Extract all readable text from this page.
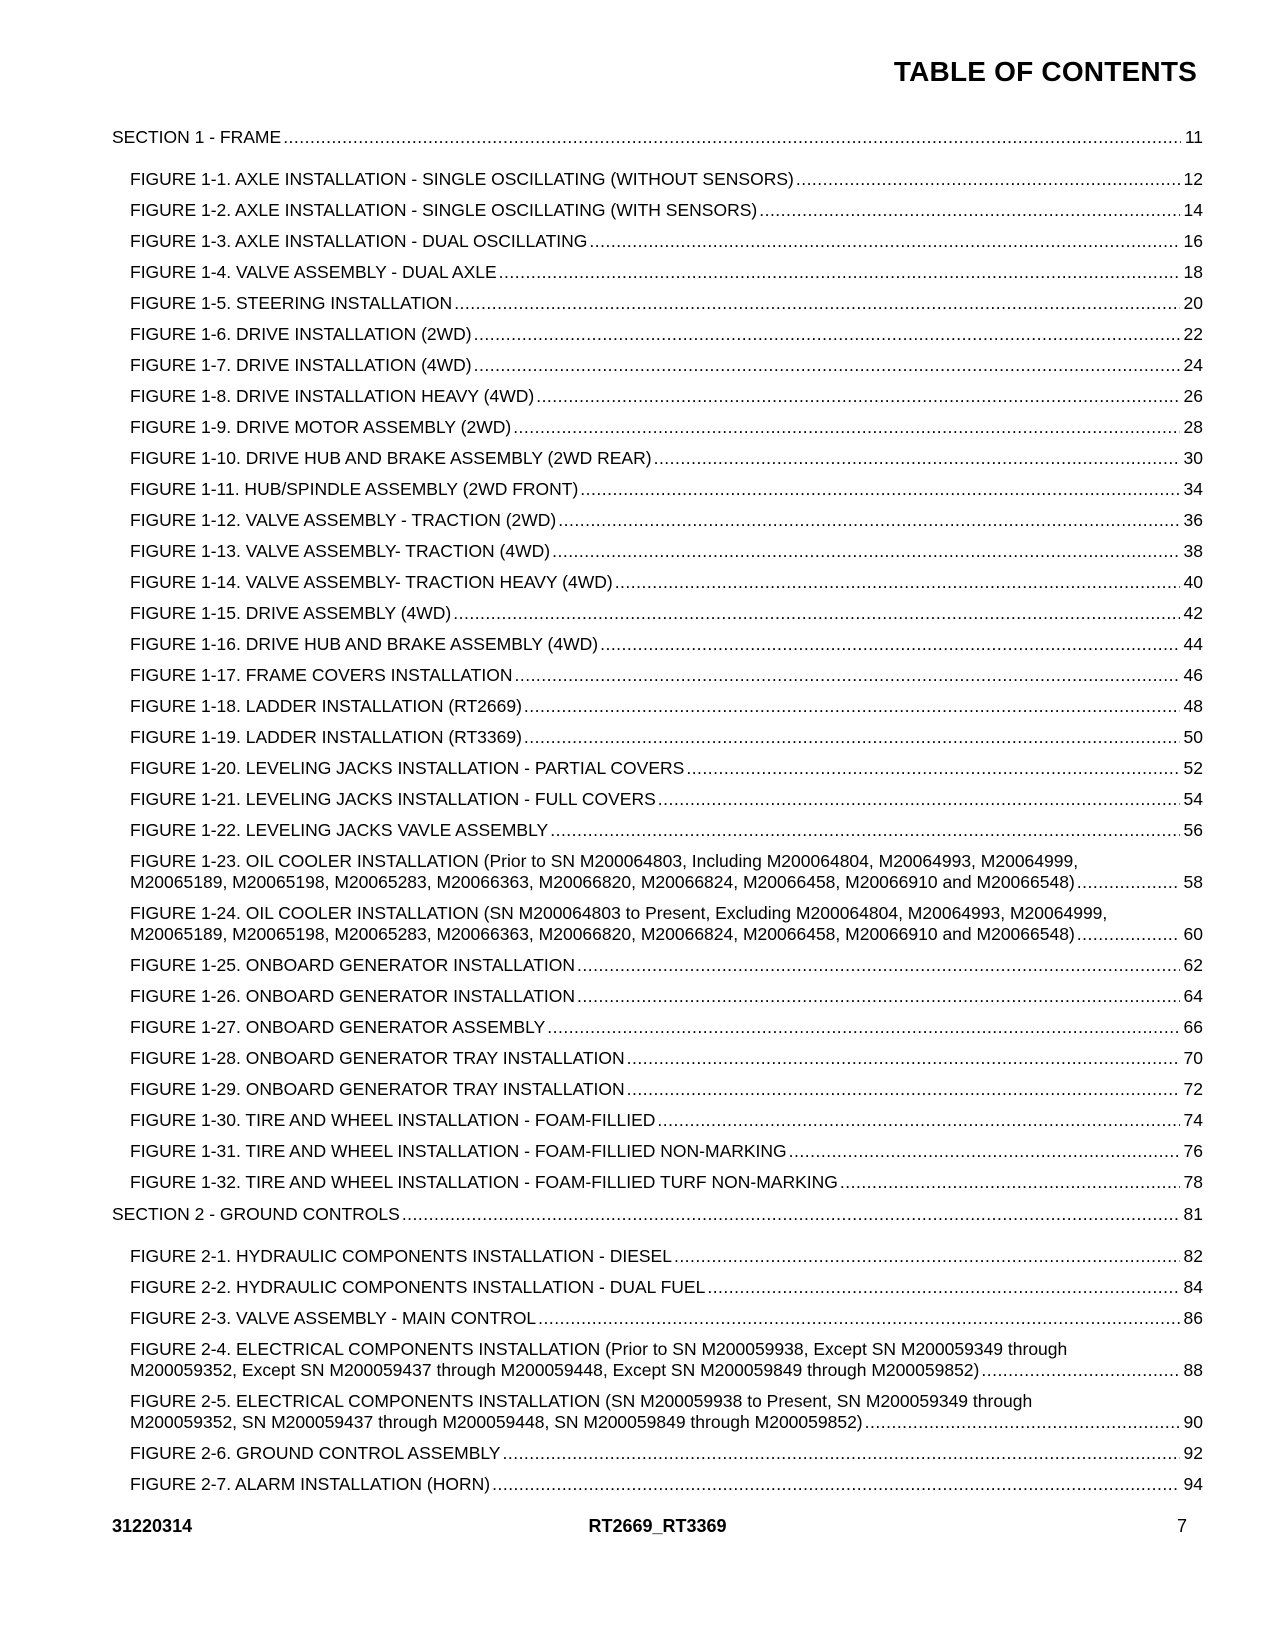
TABLE OF CONTENTS
SECTION 1 - FRAME .....	11
FIGURE 1-1. AXLE INSTALLATION - SINGLE OSCILLATING (WITHOUT SENSORS) .....	12
FIGURE 1-2. AXLE INSTALLATION - SINGLE OSCILLATING (WITH SENSORS) .....	14
FIGURE 1-3. AXLE INSTALLATION - DUAL OSCILLATING .....	16
FIGURE 1-4. VALVE ASSEMBLY - DUAL AXLE .....	18
FIGURE 1-5. STEERING INSTALLATION .....	20
FIGURE 1-6. DRIVE INSTALLATION (2WD) .....	22
FIGURE 1-7. DRIVE INSTALLATION (4WD) .....	24
FIGURE 1-8. DRIVE INSTALLATION HEAVY (4WD) .....	26
FIGURE 1-9. DRIVE MOTOR ASSEMBLY (2WD) .....	28
FIGURE 1-10. DRIVE HUB AND BRAKE ASSEMBLY (2WD REAR) .....	30
FIGURE 1-11. HUB/SPINDLE ASSEMBLY (2WD FRONT) .....	34
FIGURE 1-12. VALVE ASSEMBLY - TRACTION (2WD) .....	36
FIGURE 1-13. VALVE ASSEMBLY- TRACTION (4WD) .....	38
FIGURE 1-14. VALVE ASSEMBLY- TRACTION HEAVY (4WD) .....	40
FIGURE 1-15. DRIVE ASSEMBLY (4WD) .....	42
FIGURE 1-16. DRIVE HUB AND BRAKE ASSEMBLY (4WD) .....	44
FIGURE 1-17. FRAME COVERS INSTALLATION .....	46
FIGURE 1-18. LADDER INSTALLATION (RT2669) .....	48
FIGURE 1-19. LADDER INSTALLATION (RT3369) .....	50
FIGURE 1-20. LEVELING JACKS INSTALLATION - PARTIAL COVERS .....	52
FIGURE 1-21. LEVELING JACKS INSTALLATION - FULL COVERS .....	54
FIGURE 1-22. LEVELING JACKS VAVLE ASSEMBLY .....	56
FIGURE 1-23. OIL COOLER INSTALLATION (Prior to SN M200064803, Including M200064804, M20064993, M20064999,
M20065189, M20065198, M20065283, M20066363, M20066820, M20066824, M20066458, M20066910 and M20066548) .....	58
FIGURE 1-24. OIL COOLER INSTALLATION (SN M200064803 to Present, Excluding M200064804, M20064993, M20064999,
M20065189, M20065198, M20065283, M20066363, M20066820, M20066824, M20066458, M20066910 and M20066548) .....	60
FIGURE 1-25. ONBOARD GENERATOR INSTALLATION .....	62
FIGURE 1-26. ONBOARD GENERATOR INSTALLATION .....	64
FIGURE 1-27. ONBOARD GENERATOR ASSEMBLY .....	66
FIGURE 1-28. ONBOARD GENERATOR TRAY INSTALLATION .....	70
FIGURE 1-29. ONBOARD GENERATOR TRAY INSTALLATION .....	72
FIGURE 1-30. TIRE AND WHEEL INSTALLATION - FOAM-FILLIED .....	74
FIGURE 1-31. TIRE AND WHEEL INSTALLATION - FOAM-FILLIED NON-MARKING .....	76
FIGURE 1-32. TIRE AND WHEEL INSTALLATION - FOAM-FILLIED TURF NON-MARKING .....	78
SECTION 2 - GROUND CONTROLS .....	81
FIGURE 2-1. HYDRAULIC COMPONENTS INSTALLATION - DIESEL .....	82
FIGURE 2-2. HYDRAULIC COMPONENTS INSTALLATION - DUAL FUEL .....	84
FIGURE 2-3. VALVE ASSEMBLY - MAIN CONTROL .....	86
FIGURE 2-4. ELECTRICAL COMPONENTS INSTALLATION (Prior to SN M200059938, Except SN M200059349 through
M200059352, Except SN M200059437 through M200059448, Except SN M200059849 through M200059852) .....	88
FIGURE 2-5. ELECTRICAL COMPONENTS INSTALLATION (SN M200059938 to Present, SN M200059349 through
M200059352, SN M200059437 through M200059448, SN M200059849 through M200059852) .....	90
FIGURE 2-6. GROUND CONTROL ASSEMBLY .....	92
FIGURE 2-7. ALARM INSTALLATION (HORN) .....	94
31220314	RT2669_RT3369	7
